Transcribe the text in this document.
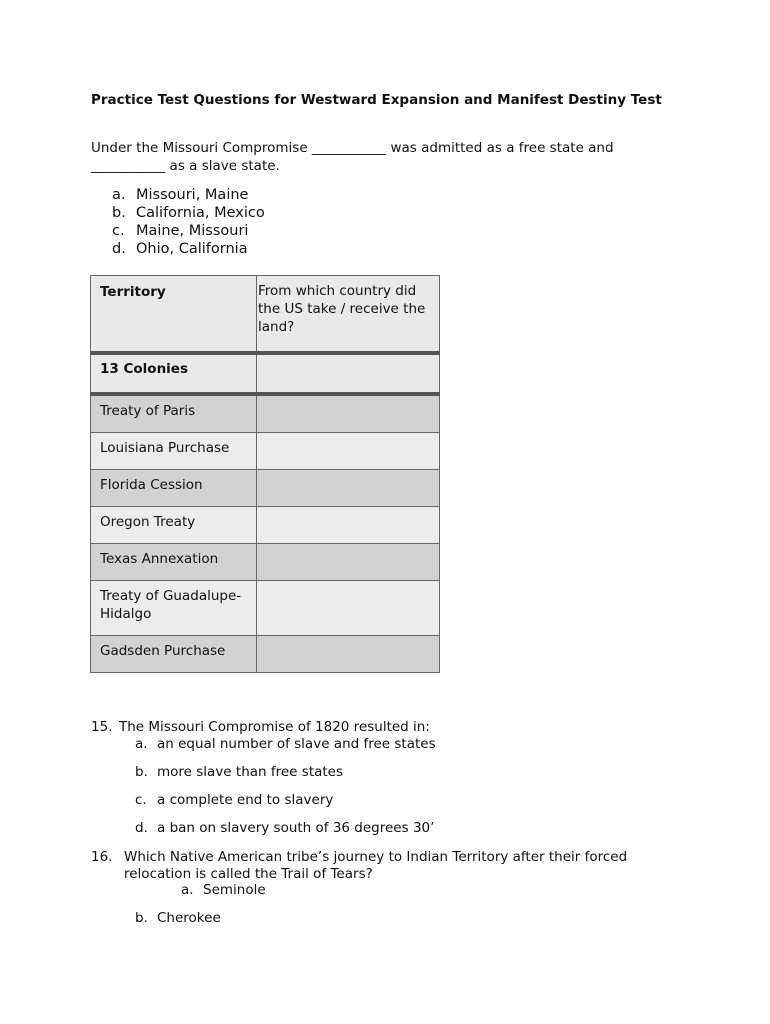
Practice Test Questions for Westward Expansion and Manifest Destiny Test
Under the Missouri Compromise ___________ was admitted as a free state and ___________ as a slave state.
a. Missouri, Maine
b. California, Mexico
c. Maine, Missouri
d. Ohio, California
Territory	From which country did the US take / receive the land?
13 Colonies	
Treaty of Paris	
Louisiana Purchase	
Florida Cession	
Oregon Treaty	
Texas Annexation	
Treaty of Guadalupe-Hidalgo	
Gadsden Purchase	
15. The Missouri Compromise of 1820 resulted in:
a. an equal number of slave and free states
b. more slave than free states
c. a complete end to slavery
d. a ban on slavery south of 36 degrees 30’
16. Which Native American tribe’s journey to Indian Territory after their forced
relocation is called the Trail of Tears?
a. Seminole
b. Cherokee
